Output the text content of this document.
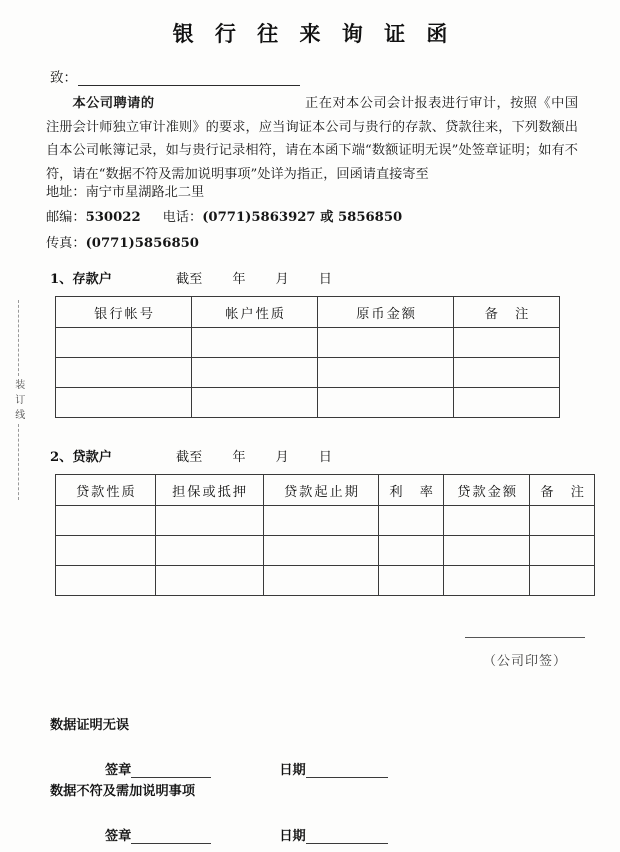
银 行 往 来 询 证 函
装 订 线
致：
本公司聘请的	正在对本公司会计报表进行审计，按照《中国注册会计师独立审计准则》的要求，应当询证本公司与贵行的存款、贷款往来，下列数额出自本公司帐簿记录，如与贵行记录相符，请在本函下端“数额证明无误”处签章证明；如有不符，请在“数据不符及需加说明事项”处详为指正，回函请直接寄至
地址：南宁市星湖路北二里
邮编：530022 电话：(0771)5863927 或 5856850
传真：(0771)5856850
1、存款户	截至 年 月 日
银行帐号	帐户性质	原币金额	备　注

2、贷款户	截至 年 月 日
贷款性质	担保或抵押	贷款起止期	利　率	贷款金额	备　注

（公司印签）
数据证明无误
签章	日期
数据不符及需加说明事项
签章	日期
